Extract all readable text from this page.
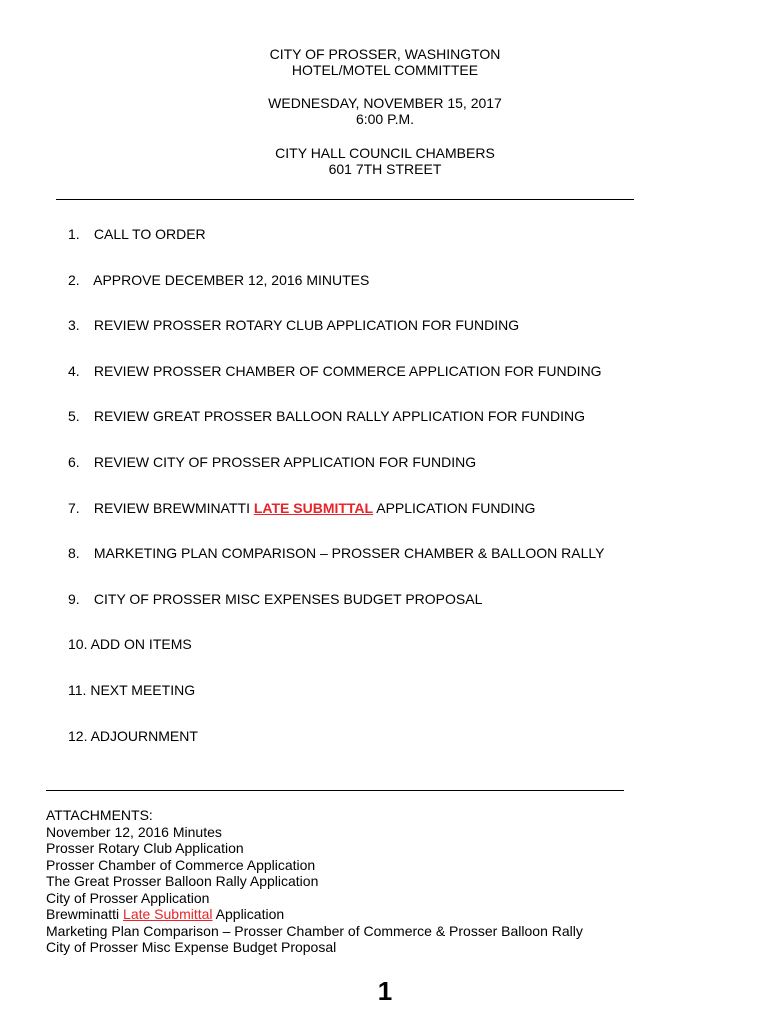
CITY OF PROSSER, WASHINGTON
HOTEL/MOTEL COMMITTEE
WEDNESDAY, NOVEMBER 15, 2017
6:00 P.M.
CITY HALL COUNCIL CHAMBERS
601 7TH STREET
1. CALL TO ORDER
2. APPROVE DECEMBER 12, 2016 MINUTES
3. REVIEW PROSSER ROTARY CLUB APPLICATION FOR FUNDING
4. REVIEW PROSSER CHAMBER OF COMMERCE APPLICATION FOR FUNDING
5. REVIEW GREAT PROSSER BALLOON RALLY APPLICATION FOR FUNDING
6. REVIEW CITY OF PROSSER APPLICATION FOR FUNDING
7. REVIEW BREWMINATTI LATE SUBMITTAL APPLICATION FUNDING
8. MARKETING PLAN COMPARISON – PROSSER CHAMBER & BALLOON RALLY
9. CITY OF PROSSER MISC EXPENSES BUDGET PROPOSAL
10. ADD ON ITEMS
11. NEXT MEETING
12. ADJOURNMENT
ATTACHMENTS:
November 12, 2016 Minutes
Prosser Rotary Club Application
Prosser Chamber of Commerce Application
The Great Prosser Balloon Rally Application
City of Prosser Application
Brewminatti Late Submittal Application
Marketing Plan Comparison – Prosser Chamber of Commerce & Prosser Balloon Rally
City of Prosser Misc Expense Budget Proposal
1
